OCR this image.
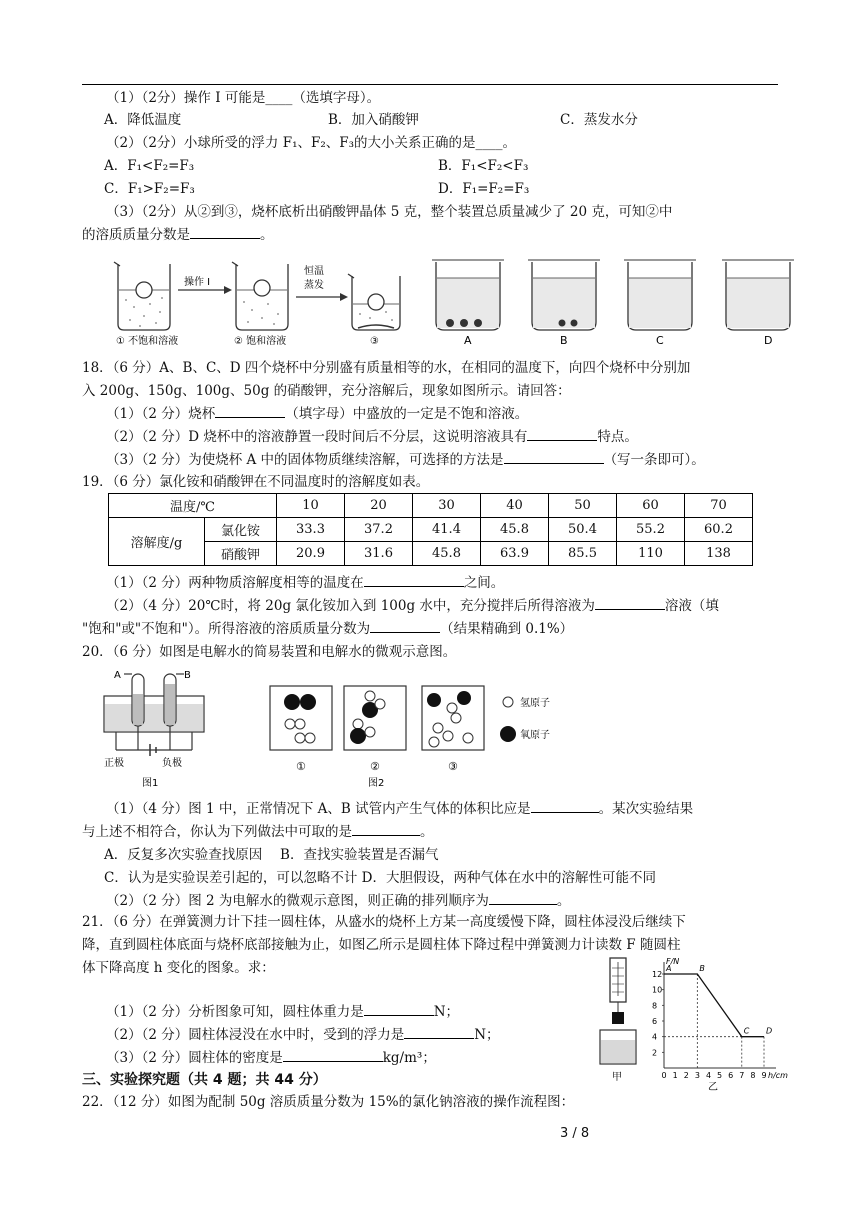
（1）（2分）操作 I 可能是____（选填字母）。
A．降低温度	B．加入硝酸钾	C．蒸发水分
（2）（2分）小球所受的浮力 F₁、F₂、F₃的大小关系正确的是____。
A．F₁<F₂=F₃	B．F₁<F₂<F₃
C．F₁>F₂=F₃	D．F₁=F₂=F₃
（3）（2分）从②到③，烧杯底析出硝酸钾晶体 5 克，整个装置总质量减少了 20 克，可知②中
的溶质质量分数是	。
操作 I
恒温
蒸发
① 不饱和溶液	② 饱和溶液	③	A	B	C	D
18．（6 分）A、B、C、D 四个烧杯中分别盛有质量相等的水，在相同的温度下，向四个烧杯中分别加
入 200g、150g、100g、50g 的硝酸钾，充分溶解后，现象如图所示。请回答：
（1）（2 分）烧杯	（填字母）中盛放的一定是不饱和溶液。
（2）（2 分）D 烧杯中的溶液静置一段时间后不分层，这说明溶液具有	特点。
（3）（2 分）为使烧杯 A 中的固体物质继续溶解，可选择的方法是	（写一条即可）。
19．（6 分）氯化铵和硝酸钾在不同温度时的溶解度如表。
温度/℃		10	20	30	40	50	60	70
溶解度/g	氯化铵	33.3	37.2	41.4	45.8	50.4	55.2	60.2
	硝酸钾	20.9	31.6	45.8	63.9	85.5	110	138
（1）（2 分）两种物质溶解度相等的温度在	之间。
（2）（4 分）20℃时，将 20g 氯化铵加入到 100g 水中，充分搅拌后所得溶液为	溶液（填
"饱和"或"不饱和"）。所得溶液的溶质质量分数为	（结果精确到 0.1%）
20．（6 分）如图是电解水的简易装置和电解水的微观示意图。
A	B
正极	负极
图1
①	②	③
图2
氢原子
氧原子
（1）（4 分）图 1 中，正常情况下 A、B 试管内产生气体的体积比应是	。某次实验结果
与上述不相符合，你认为下列做法中可取的是	。
A．反复多次实验查找原因　 B．查找实验装置是否漏气
C．认为是实验误差引起的，可以忽略不计 D．大胆假设，两种气体在水中的溶解性可能不同
（2）（2 分）图 2 为电解水的微观示意图，则正确的排列顺序为	。
21．（6 分）在弹簧测力计下挂一圆柱体，从盛水的烧杯上方某一高度缓慢下降，圆柱体浸没后继续下
降，直到圆柱体底面与烧杯底部接触为止，如图乙所示是圆柱体下降过程中弹簧测力计读数 F 随圆柱
体下降高度 h 变化的图象。求：
（1）（2 分）分析图象可知，圆柱体重力是	N；
（2）（2 分）圆柱体浸没在水中时，受到的浮力是	N；
（3）（2 分）圆柱体的密度是	kg/m³；
甲
F/N
h/cm
0 1 2 3 4 5 6 7 8 9
2
4
6
8
10
12
A	B
C D
乙
三、实验探究题（共 4 题；共 44 分）
22．（12 分）如图为配制 50g 溶质质量分数为 15%的氯化钠溶液的操作流程图：
3 / 8
